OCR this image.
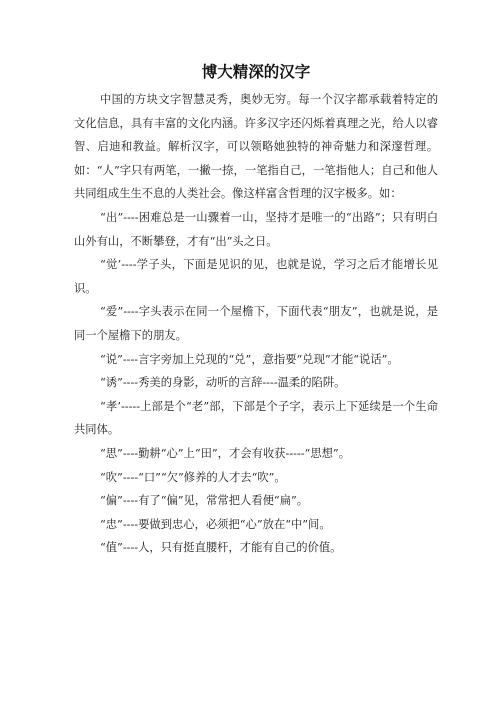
博大精深的汉字

中国的方块文字智慧灵秀，奥妙无穷。每一个汉字都承载着特定的文化信息，具有丰富的文化内涵。许多汉字还闪烁着真理之光，给人以睿智、启迪和教益。解析汉字，可以领略她独特的神奇魅力和深邃哲理。如：“人”字只有两笔，一撇一捺，一笔指自己，一笔指他人；自己和他人共同组成生生不息的人类社会。像这样富含哲理的汉字极多。如：

“出”----困难总是一山骤着一山，坚持才是唯一的“出路”；只有明白山外有山，不断攀登，才有“出”头之日。

“觉’----学子头，下面是见识的见，也就是说，学习之后才能增长见识。

“爱”----字头表示在同一个屋檐下，下面代表“朋友”，也就是说，是同一个屋檐下的朋友。

“说”----言字旁加上兑现的“兑”，意指要“兑现”才能“说话”。

“诱”----秀美的身影，动听的言辞----温柔的陷阱。

“孝’-----上部是个“老”部，下部是个子字，表示上下延续是一个生命共同体。

“思”----勤耕“心”上“田”，才会有收获-----“思想”。

“吹”----“口”“欠”修养的人才去“吹”。

“偏”----有了“偏”见，常常把人看便“扁”。

“忠”----要做到忠心，必须把“心”放在“中”间。

“值”----人，只有挺直腰杆，才能有自己的价值。
